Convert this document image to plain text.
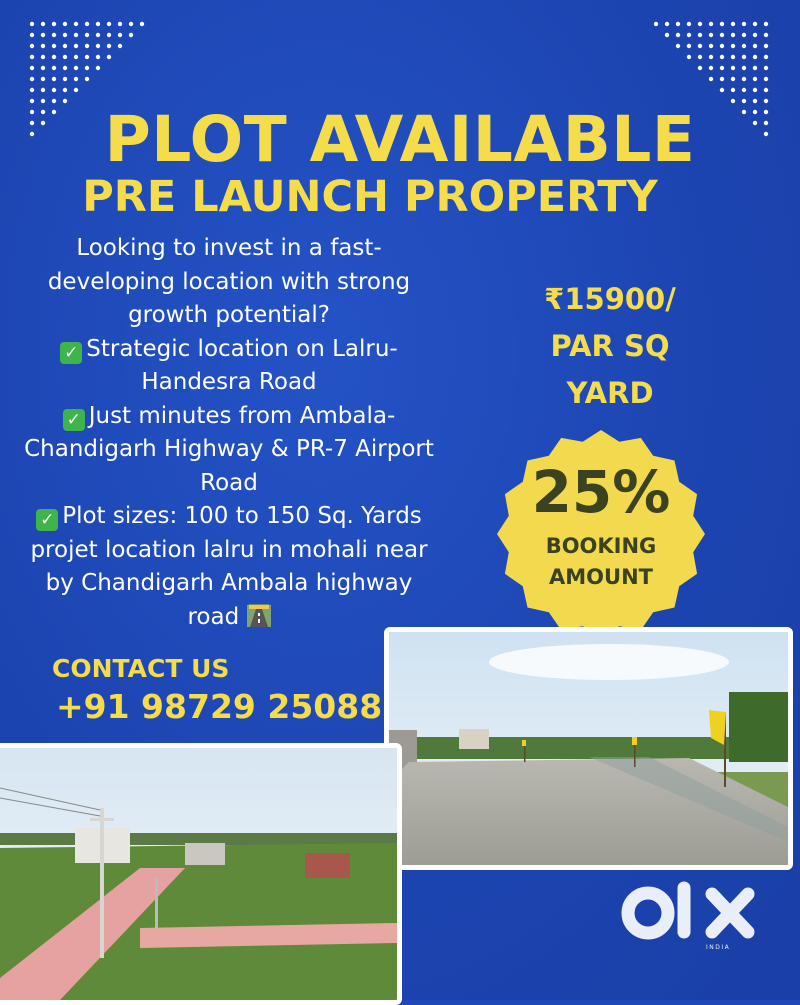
PLOT AVAILABLE
PRE LAUNCH PROPERTY
Looking to invest in a fast-
developing location with strong
growth potential?
✓ Strategic location on Lalru-
Handesra Road
✓ Just minutes from Ambala-
Chandigarh Highway & PR-7 Airport
Road
✓ Plot sizes: 100 to 150 Sq. Yards
projet location lalru in mohali near
by Chandigarh Ambala highway
road
₹15900/
PAR SQ
YARD
25%
BOOKING
AMOUNT
CONTACT US
+91 98729 25088
INDIA
